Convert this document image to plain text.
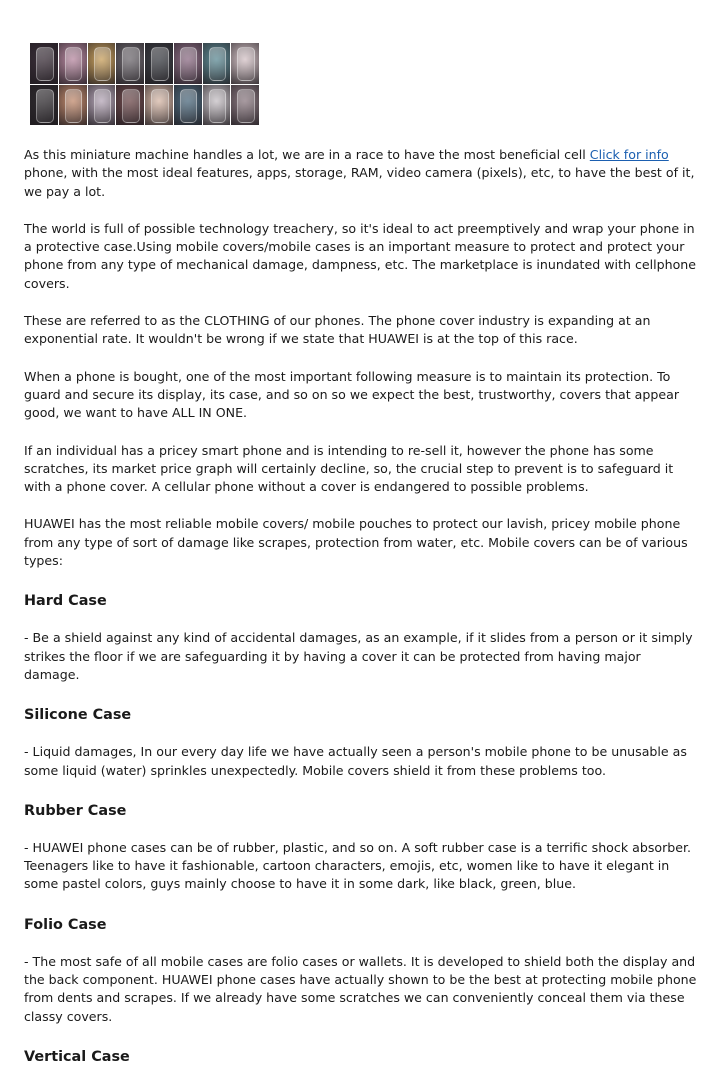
As this miniature machine handles a lot, we are in a race to have the most beneficial cell Click for info phone, with the most ideal features, apps, storage, RAM, video camera (pixels), etc, to have the best of it, we pay a lot.

The world is full of possible technology treachery, so it's ideal to act preemptively and wrap your phone in a protective case.Using mobile covers/mobile cases is an important measure to protect and protect your phone from any type of mechanical damage, dampness, etc. The marketplace is inundated with cellphone covers.

These are referred to as the CLOTHING of our phones. The phone cover industry is expanding at an exponential rate. It wouldn't be wrong if we state that HUAWEI is at the top of this race.

When a phone is bought, one of the most important following measure is to maintain its protection. To guard and secure its display, its case, and so on so we expect the best, trustworthy, covers that appear good, we want to have ALL IN ONE.

If an individual has a pricey smart phone and is intending to re-sell it, however the phone has some scratches, its market price graph will certainly decline, so, the crucial step to prevent is to safeguard it with a phone cover. A cellular phone without a cover is endangered to possible problems.

HUAWEI has the most reliable mobile covers/ mobile pouches to protect our lavish, pricey mobile phone from any type of sort of damage like scrapes, protection from water, etc. Mobile covers can be of various types:

Hard Case

- Be a shield against any kind of accidental damages, as an example, if it slides from a person or it simply strikes the floor if we are safeguarding it by having a cover it can be protected from having major damage.

Silicone Case

- Liquid damages, In our every day life we have actually seen a person's mobile phone to be unusable as some liquid (water) sprinkles unexpectedly. Mobile covers shield it from these problems too.

Rubber Case

- HUAWEI phone cases can be of rubber, plastic, and so on. A soft rubber case is a terrific shock absorber. Teenagers like to have it fashionable, cartoon characters, emojis, etc, women like to have it elegant in some pastel colors, guys mainly choose to have it in some dark, like black, green, blue.

Folio Case

- The most safe of all mobile cases are folio cases or wallets. It is developed to shield both the display and the back component. HUAWEI phone cases have actually shown to be the best at protecting mobile phone from dents and scrapes. If we already have some scratches we can conveniently conceal them via these classy covers.

Vertical Case
